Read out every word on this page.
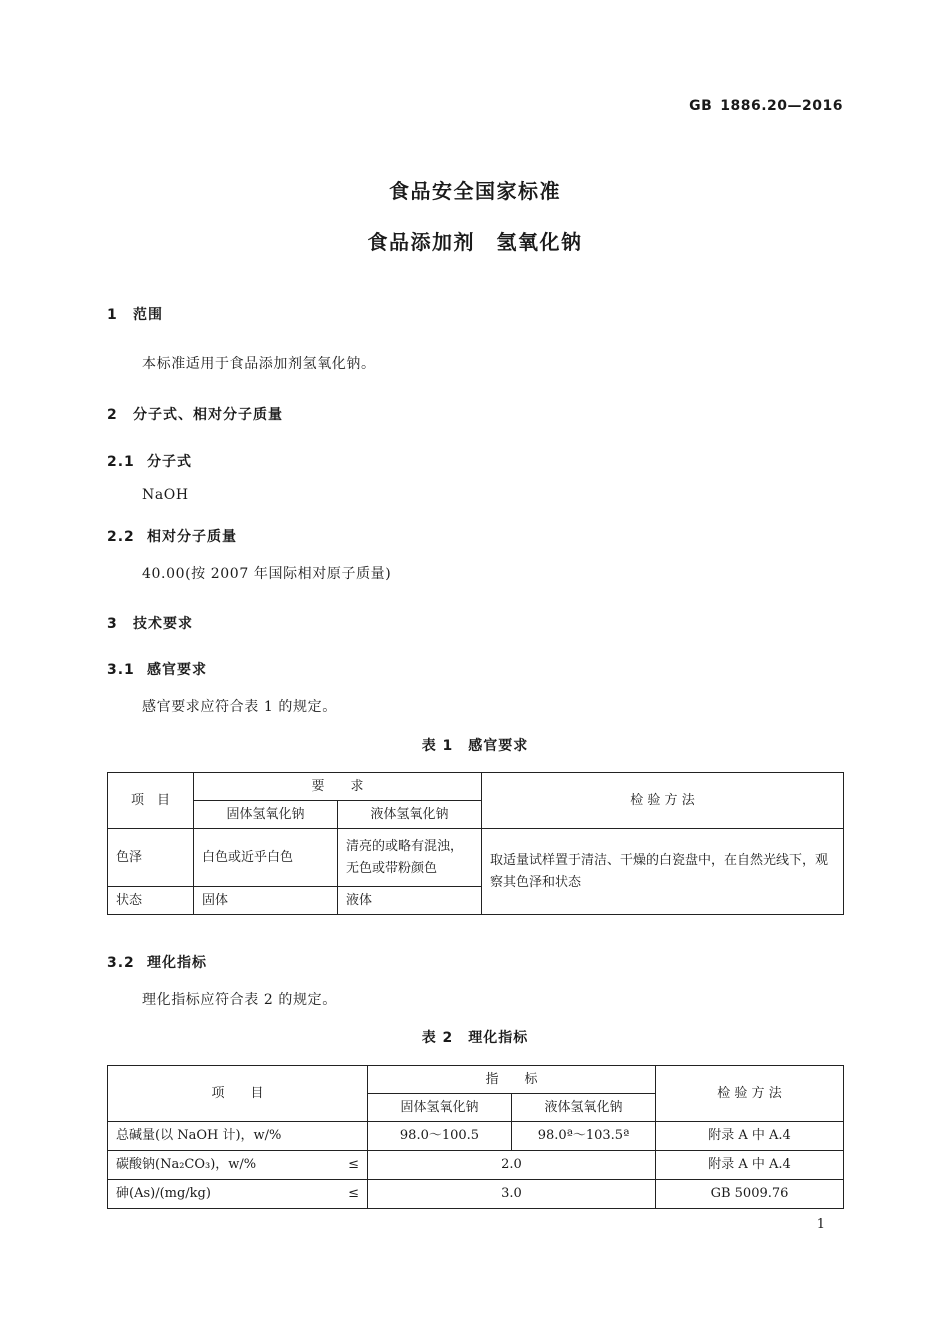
GB 1886.20—2016
食品安全国家标准
食品添加剂　氢氧化钠
1 范围
本标准适用于食品添加剂氢氧化钠。
2 分子式、相对分子质量
2.1 分子式
NaOH
2.2 相对分子质量
40.00(按 2007 年国际相对原子质量)
3 技术要求
3.1 感官要求
感官要求应符合表 1 的规定。
表 1　感官要求
项　目	要　　求		检 验 方 法
	固体氢氧化钠	液体氢氧化钠	
色泽	白色或近乎白色	清亮的或略有混浊，无色或带粉颜色	取适量试样置于清洁、干燥的白瓷盘中，在自然光线下，观察其色泽和状态
状态	固体	液体	
3.2 理化指标
理化指标应符合表 2 的规定。
表 2　理化指标
项　　目	指　　标		检 验 方 法
	固体氢氧化钠	液体氢氧化钠	
总碱量(以 NaOH 计)，w/%	98.0～100.5	98.0ª～103.5ª	附录 A 中 A.4
碳酸钠(Na₂CO₃)，w/% ≤	2.0		附录 A 中 A.4
砷(As)/(mg/kg) ≤	3.0		GB 5009.76
1
